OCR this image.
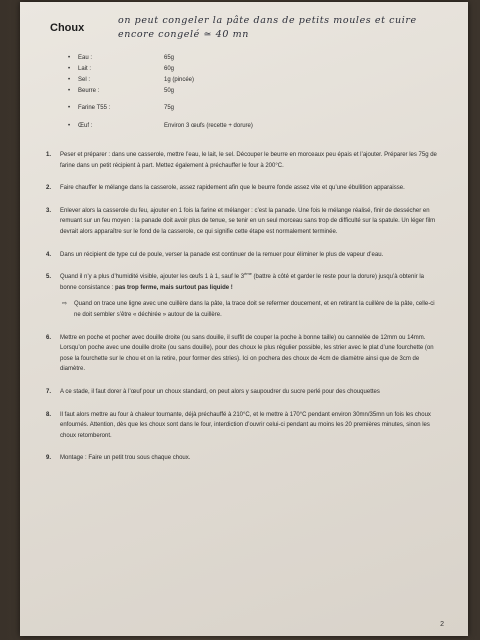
Choux
on peut congeler la pâte dans de petits moules et cuire encore congelé ≃ 40 mn
• Eau :	65g
• Lait :	60g
• Sel :	1g (pincée)
• Beurre :	50g
• Farine T55 :	75g
• Œuf :	Environ 3 œufs (recette + dorure)
1. Peser et préparer : dans une casserole, mettre l’eau, le lait, le sel. Découper le beurre en morceaux peu épais et l’ajouter. Préparer les 75g de farine dans un petit récipient à part. Mettez également à préchauffer le four à 200°C.
2. Faire chauffer le mélange dans la casserole, assez rapidement afin que le beurre fonde assez vite et qu’une ébullition apparaisse.
3. Enlever alors la casserole du feu, ajouter en 1 fois la farine et mélanger : c’est la panade. Une fois le mélange réalisé, finir de dessécher en remuant sur un feu moyen : la panade doit avoir plus de tenue, se tenir en un seul morceau sans trop de difficulté sur la spatule. Un léger film devrait alors apparaître sur le fond de la casserole, ce qui signifie cette étape est normalement terminée.
4. Dans un récipient de type cul de poule, verser la panade est continuer de la remuer pour éliminer le plus de vapeur d’eau.
5. Quand il n’y a plus d’humidité visible, ajouter les œufs 1 à 1, sauf le 3ème (battre à côté et garder le reste pour la dorure) jusqu’à obtenir la bonne consistance : pas trop ferme, mais surtout pas liquide !
⇨ Quand on trace une ligne avec une cuillère dans la pâte, la trace doit se refermer doucement, et en retirant la cuillère de la pâte, celle-ci ne doit sembler s’être « déchirée » autour de la cuillère.
6. Mettre en poche et pocher avec douille droite (ou sans douille, il suffit de couper la poche à bonne taille) ou cannelée de 12mm ou 14mm. Lorsqu’on poche avec une douille droite (ou sans douille), pour des choux le plus régulier possible, les strier avec le plat d’une fourchette (on pose la fourchette sur le chou et on la retire, pour former des stries). Ici on pochera des choux de 4cm de diamètre ainsi que de 3cm de diamètre.
7. A ce stade, il faut dorer à l’œuf pour un choux standard, on peut alors y saupoudrer du sucre perlé pour des chouquettes
8. Il faut alors mettre au four à chaleur tournante, déjà préchauffé à 210°C, et le mettre à 170°C pendant environ 30mn/35mn un fois les choux enfournés. Attention, dès que les choux sont dans le four, interdiction d’ouvrir celui-ci pendant au moins les 20 premières minutes, sinon les choux retomberont.
9. Montage : Faire un petit trou sous chaque choux.
2
